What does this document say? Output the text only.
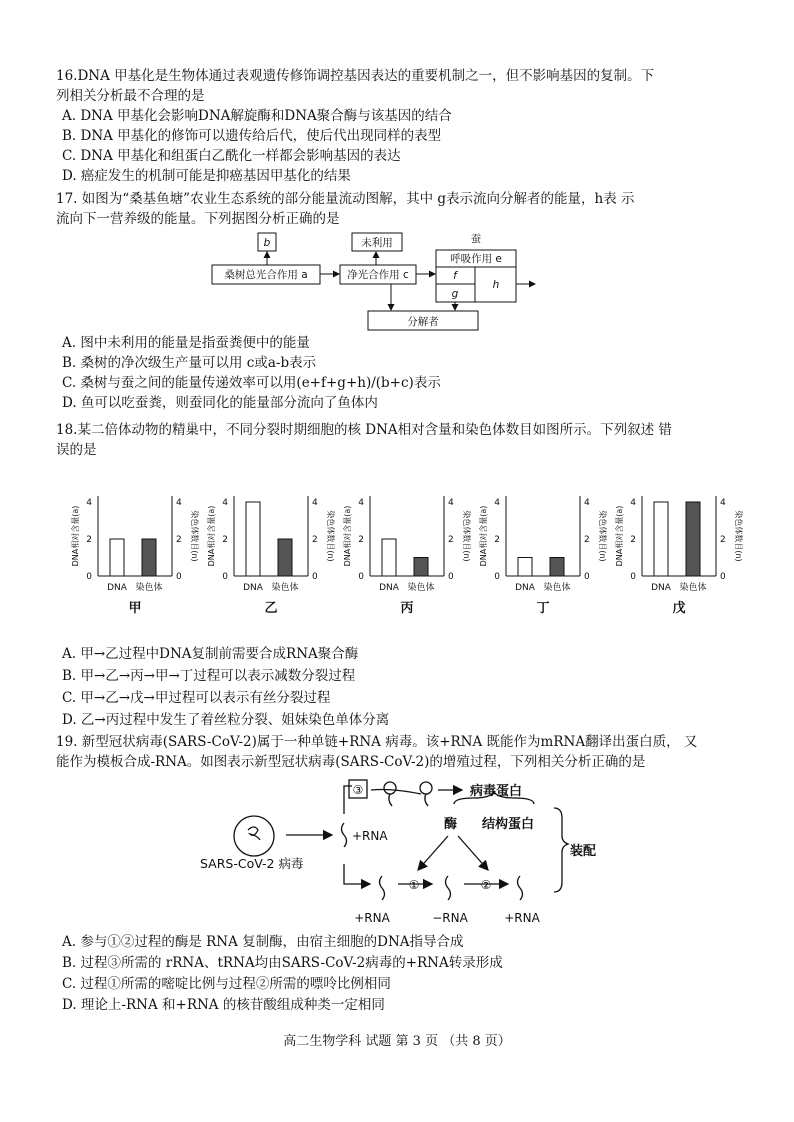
16.DNA 甲基化是生物体通过表观遗传修饰调控基因表达的重要机制之一，但不影响基因的复制。下
列相关分析最不合理的是
A. DNA 甲基化会影响DNA解旋酶和DNA聚合酶与该基因的结合
B. DNA 甲基化的修饰可以遗传给后代，使后代出现同样的表型
C. DNA 甲基化和组蛋白乙酰化一样都会影响基因的表达
D. 癌症发生的机制可能是抑癌基因甲基化的结果
17. 如图为“桑基鱼塘”农业生态系统的部分能量流动图解，其中 g表示流向分解者的能量，h表 示
流向下一营养级的能量。下列据图分析正确的是
b	未利用	蚕
呼吸作用 e
f
g
h
桑树总光合作用 a	净光合作用 c
分解者
A. 图中未利用的能量是指蚕粪便中的能量
B. 桑树的净次级生产量可以用 c或a-b表示
C. 桑树与蚕之间的能量传递效率可以用(e+f+g+h)/(b+c)表示
D. 鱼可以吃蚕粪，则蚕同化的能量部分流向了鱼体内
18.某二倍体动物的精巢中，不同分裂时期细胞的核 DNA相对含量和染色体数目如图所示。下列叙述 错
误的是
0	0
2	2
4	4
DNA相对含量(a)	染色体数目(n)
DNA 染色体
甲
0	0
2	2
4	4
DNA相对含量(a)	染色体数目(n)
DNA 染色体
乙
0	0
2	2
4	4
DNA相对含量(a)	染色体数目(n)
DNA 染色体
丙
0	0
2	2
4	4
DNA相对含量(a)	染色体数目(n)
DNA 染色体
丁
0	0
2	2
4	4
DNA相对含量(a)	染色体数目(n)
DNA 染色体
戊
A. 甲→乙过程中DNA复制前需要合成RNA聚合酶
B. 甲→乙→丙→甲→丁过程可以表示减数分裂过程
C. 甲→乙→戊→甲过程可以表示有丝分裂过程
D. 乙→丙过程中发生了着丝粒分裂、姐妹染色单体分离
19. 新型冠状病毒(SARS-CoV-2)属于一种单链+RNA 病毒。该+RNA 既能作为mRNA翻译出蛋白质， 又
能作为模板合成-RNA。如图表示新型冠状病毒(SARS-CoV-2)的增殖过程，下列相关分析正确的是
③	病毒蛋白
酶 结构蛋白
装配
+RNA
SARS-CoV-2 病毒
①	②
+RNA	−RNA	+RNA
A. 参与①②过程的酶是 RNA 复制酶，由宿主细胞的DNA指导合成
B. 过程③所需的 rRNA、tRNA均由SARS-CoV-2病毒的+RNA转录形成
C. 过程①所需的嘧啶比例与过程②所需的嘌呤比例相同
D. 理论上-RNA 和+RNA 的核苷酸组成种类一定相同
高二生物学科 试题 第 3 页 （共 8 页）
